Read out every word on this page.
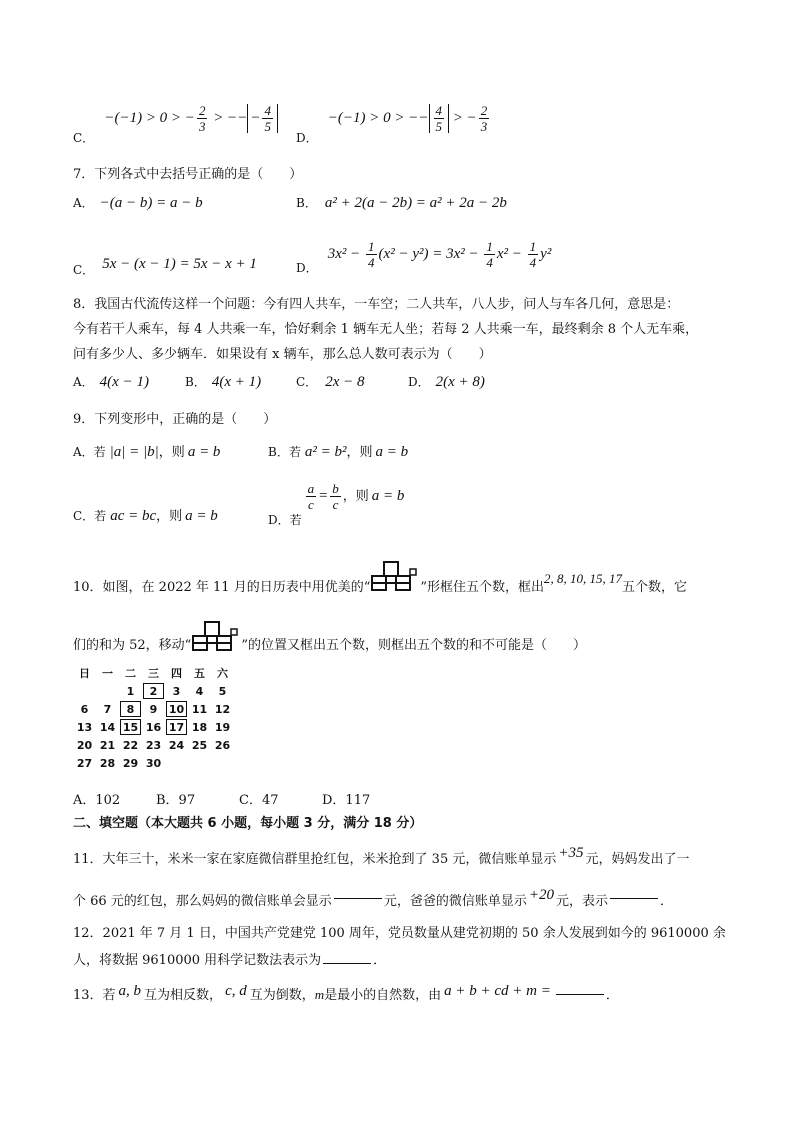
C． −(−1) > 0 > − $\frac{2}{3}$ > −− − $\frac{4}{5}$
D． −(−1) > 0 > −− $\frac{4}{5}$ > − $\frac{2}{3}$
7．下列各式中去括号正确的是（　　）
A． −(a − b) = a − b	B． a² + 2(a − 2b) = a² + 2a − 2b
C． 5x − (x − 1) = 5x − x + 1	D． $3x^2 - \frac{1}{4} (x^2 - y^2) = 3x^2 - \frac{1}{4} x^2 - \frac{1}{4} y^2$
8．我国古代流传这样一个问题：今有四人共车，一车空；二人共车，八人步，问人与车各几何，意思是：
今有若干人乘车，每 4 人共乘一车，恰好剩余 1 辆车无人坐；若每 2 人共乘一车，最终剩余 8 个人无车乘，
问有多少人、多少辆车．如果设有 x 辆车，那么总人数可表示为（　　）
A． 4(x − 1)	B． 4(x + 1)	C． 2x − 8	D． 2(x + 8)
9．下列变形中，正确的是（　　）
A．若 |a| = |b|，则 a = b	B．若 a² = b²，则 a = b
C．若 ac = bc，则 a = b	D．若
$\frac{a}{c} = \frac{b}{c}$ ，则 a = b
10．如图，在 2022 年 11 月的日历表中用优美的“	”形框住五个数，框出2, 8, 10, 15, 17五个数，它
们的和为 52，移动“	”的位置又框出五个数，则框出五个数的和不可能是（　　）
日	一	二	三	四	五	六
		1	2	3	4	5
6	7	8	9	10	11	12
13	14	15	16	17	18	19
20	21	22	23	24	25	26
27	28	29	30			
A．102	B．97	C．47	D．117
二、填空题（本大题共 6 小题，每小题 3 分，满分 18 分）
11．大年三十，米米一家在家庭微信群里抢红包，米米抢到了 35 元，微信账单显示 +35 元，妈妈发出了一
个 66 元的红包，那么妈妈的微信账单会显示	元，爸爸的微信账单显示 +20 元，表示	．
12．2021 年 7 月 1 日，中国共产党建党 100 周年，党员数量从建党初期的 50 余人发展到如今的 9610000 余
人，将数据 9610000 用科学记数法表示为	．
13．若 a, b 互为相反数， c, d 互为倒数，m是最小的自然数，由 a + b + cd + m =	．
